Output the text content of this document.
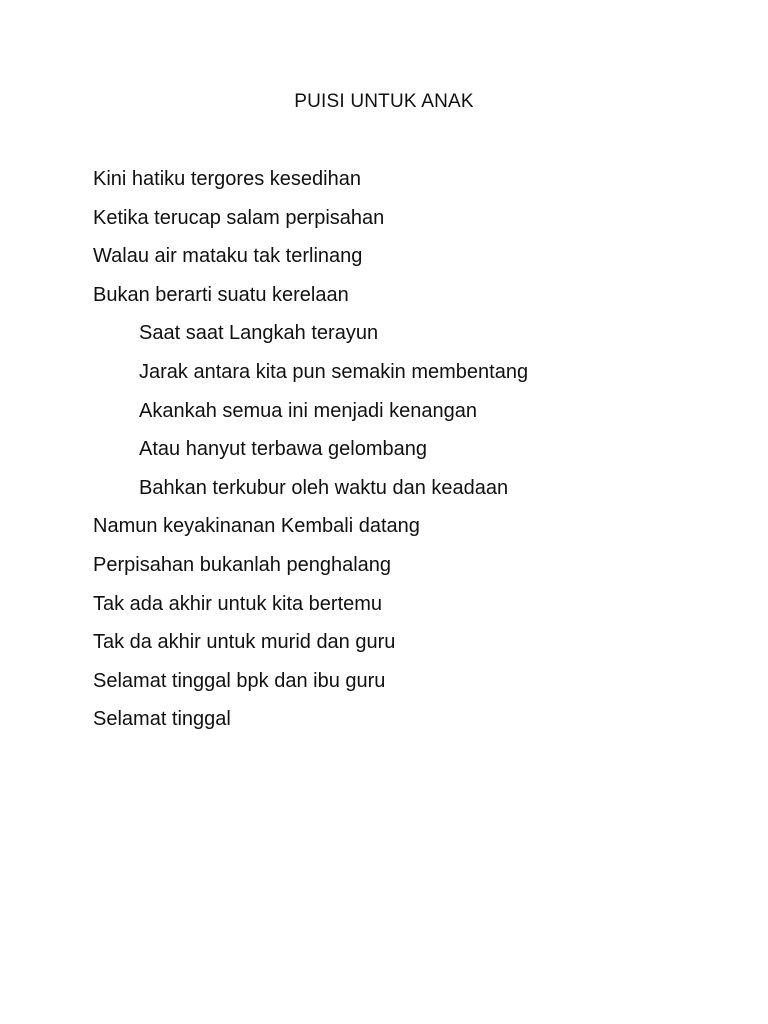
PUISI UNTUK ANAK
Kini hatiku tergores kesedihan
Ketika terucap salam perpisahan
Walau air mataku tak terlinang
Bukan berarti suatu kerelaan
Saat saat Langkah terayun
Jarak antara kita pun semakin membentang
Akankah semua ini menjadi kenangan
Atau hanyut terbawa gelombang
Bahkan terkubur oleh waktu dan keadaan
Namun keyakinanan Kembali datang
Perpisahan bukanlah penghalang
Tak ada akhir untuk kita bertemu
Tak da akhir untuk murid dan guru
Selamat tinggal bpk dan ibu guru
Selamat tinggal
